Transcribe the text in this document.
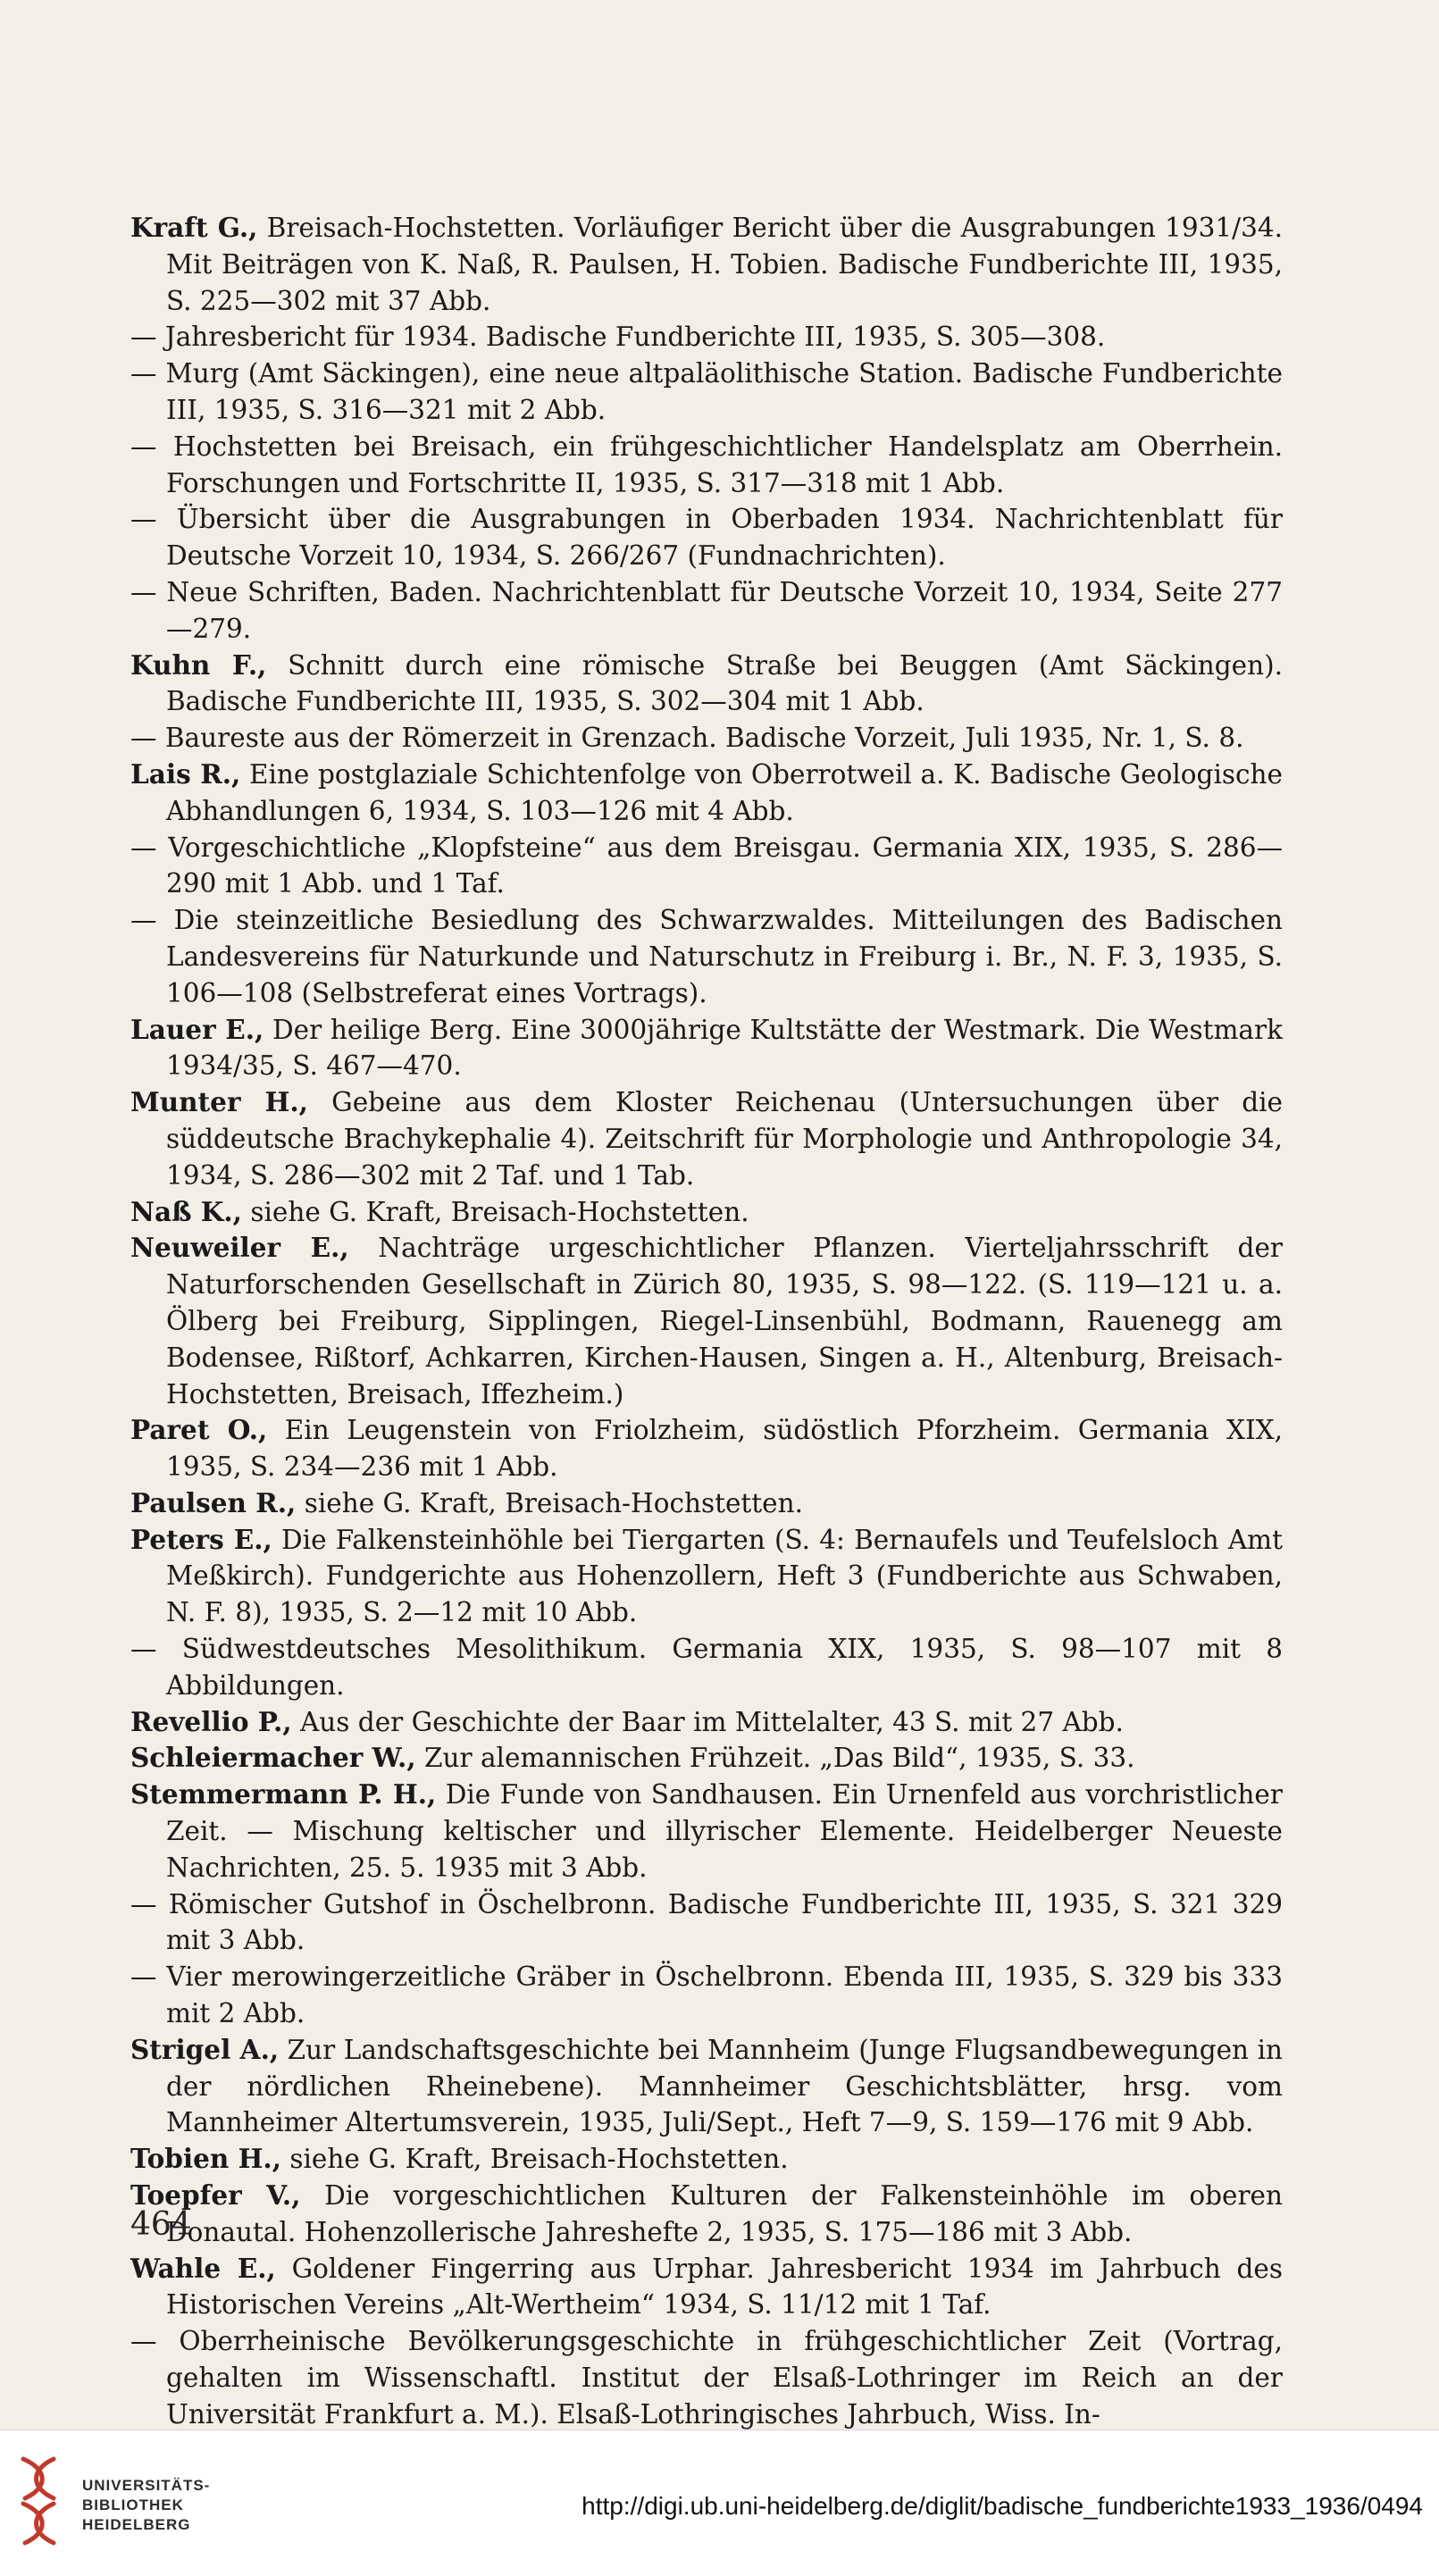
Kraft G., Breisach-Hochstetten. Vorläufiger Bericht über die Ausgrabungen 1931/34. Mit Beiträgen von K. Naß, R. Paulsen, H. Tobien. Badische Fundberichte III, 1935, S. 225—302 mit 37 Abb.

— Jahresbericht für 1934. Badische Fundberichte III, 1935, S. 305—308.

— Murg (Amt Säckingen), eine neue altpaläolithische Station. Badische Fundberichte III, 1935, S. 316—321 mit 2 Abb.

— Hochstetten bei Breisach, ein frühgeschichtlicher Handelsplatz am Oberrhein. Forschungen und Fortschritte II, 1935, S. 317—318 mit 1 Abb.

— Übersicht über die Ausgrabungen in Oberbaden 1934. Nachrichtenblatt für Deutsche Vorzeit 10, 1934, S. 266/267 (Fundnachrichten).

— Neue Schriften, Baden. Nachrichtenblatt für Deutsche Vorzeit 10, 1934, Seite 277—279.

Kuhn F., Schnitt durch eine römische Straße bei Beuggen (Amt Säckingen). Badische Fundberichte III, 1935, S. 302—304 mit 1 Abb.

— Baureste aus der Römerzeit in Grenzach. Badische Vorzeit, Juli 1935, Nr. 1, S. 8.

Lais R., Eine postglaziale Schichtenfolge von Oberrotweil a. K. Badische Geologische Abhandlungen 6, 1934, S. 103—126 mit 4 Abb.

— Vorgeschichtliche „Klopfsteine“ aus dem Breisgau. Germania XIX, 1935, S. 286—290 mit 1 Abb. und 1 Taf.

— Die steinzeitliche Besiedlung des Schwarzwaldes. Mitteilungen des Badischen Landesvereins für Naturkunde und Naturschutz in Freiburg i. Br., N. F. 3, 1935, S. 106—108 (Selbstreferat eines Vortrags).

Lauer E., Der heilige Berg. Eine 3000jährige Kultstätte der Westmark. Die Westmark 1934/35, S. 467—470.

Munter H., Gebeine aus dem Kloster Reichenau (Untersuchungen über die süddeutsche Brachykephalie 4). Zeitschrift für Morphologie und Anthropologie 34, 1934, S. 286—302 mit 2 Taf. und 1 Tab.

Naß K., siehe G. Kraft, Breisach-Hochstetten.

Neuweiler E., Nachträge urgeschichtlicher Pflanzen. Vierteljahrsschrift der Naturforschenden Gesellschaft in Zürich 80, 1935, S. 98—122. (S. 119—121 u. a. Ölberg bei Freiburg, Sipplingen, Riegel-Linsenbühl, Bodmann, Rauenegg am Bodensee, Rißtorf, Achkarren, Kirchen-Hausen, Singen a. H., Altenburg, Breisach-Hochstetten, Breisach, Iffezheim.)

Paret O., Ein Leugenstein von Friolzheim, südöstlich Pforzheim. Germania XIX, 1935, S. 234—236 mit 1 Abb.

Paulsen R., siehe G. Kraft, Breisach-Hochstetten.

Peters E., Die Falkensteinhöhle bei Tiergarten (S. 4: Bernaufels und Teufelsloch Amt Meßkirch). Fundgerichte aus Hohenzollern, Heft 3 (Fundberichte aus Schwaben, N. F. 8), 1935, S. 2—12 mit 10 Abb.

— Südwestdeutsches Mesolithikum. Germania XIX, 1935, S. 98—107 mit 8 Abbildungen.

Revellio P., Aus der Geschichte der Baar im Mittelalter, 43 S. mit 27 Abb.

Schleiermacher W., Zur alemannischen Frühzeit. „Das Bild“, 1935, S. 33.

Stemmermann P. H., Die Funde von Sandhausen. Ein Urnenfeld aus vorchristlicher Zeit. — Mischung keltischer und illyrischer Elemente. Heidelberger Neueste Nachrichten, 25. 5. 1935 mit 3 Abb.

— Römischer Gutshof in Öschelbronn. Badische Fundberichte III, 1935, S. 321 329 mit 3 Abb.

— Vier merowingerzeitliche Gräber in Öschelbronn. Ebenda III, 1935, S. 329 bis 333 mit 2 Abb.

Strigel A., Zur Landschaftsgeschichte bei Mannheim (Junge Flugsandbewegungen in der nördlichen Rheinebene). Mannheimer Geschichtsblätter, hrsg. vom Mannheimer Altertumsverein, 1935, Juli/Sept., Heft 7—9, S. 159—176 mit 9 Abb.

Tobien H., siehe G. Kraft, Breisach-Hochstetten.

Toepfer V., Die vorgeschichtlichen Kulturen der Falkensteinhöhle im oberen Donautal. Hohenzollerische Jahreshefte 2, 1935, S. 175—186 mit 3 Abb.

Wahle E., Goldener Fingerring aus Urphar. Jahresbericht 1934 im Jahrbuch des Historischen Vereins „Alt-Wertheim“ 1934, S. 11/12 mit 1 Taf.

— Oberrheinische Bevölkerungsgeschichte in frühgeschichtlicher Zeit (Vortrag, gehalten im Wissenschaftl. Institut der Elsaß-Lothringer im Reich an der Universität Frankfurt a. M.). Elsaß-Lothringisches Jahrbuch, Wiss. In-

464
UNIVERSITÄTS-
BIBLIOTHEK
HEIDELBERG
http://digi.ub.uni-heidelberg.de/diglit/badische_fundberichte1933_1936/0494
